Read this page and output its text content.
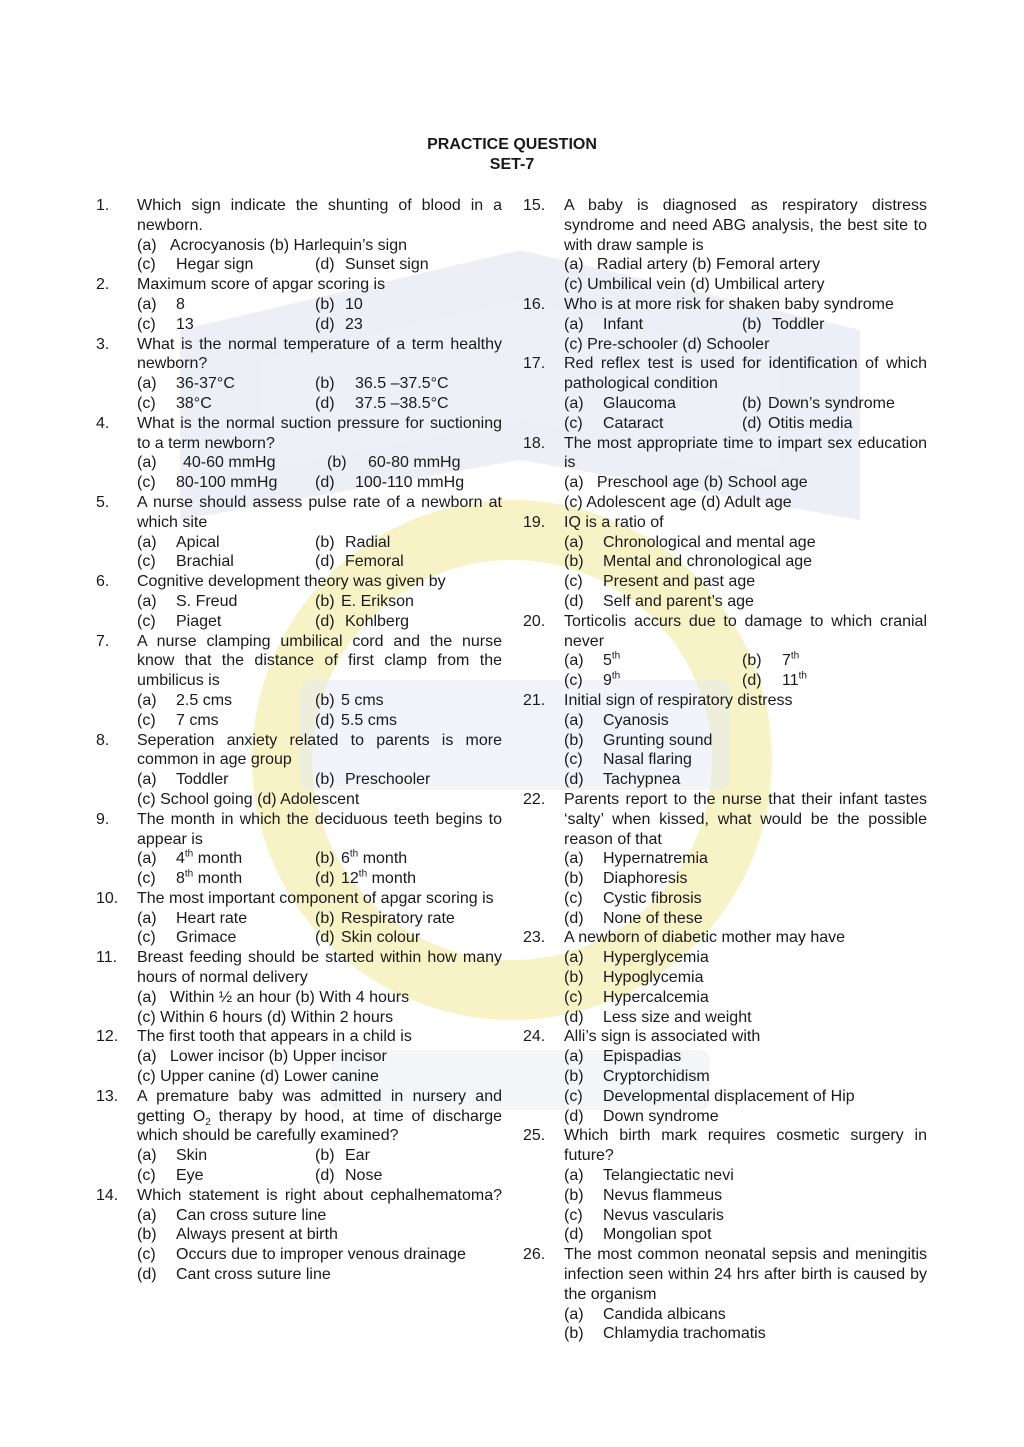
PRACTICE QUESTION
SET-7
1. Which sign indicate the shunting of blood in a newborn.
(a)   Acrocyanosis (b) Harlequin’s sign
(c)	Hegar sign	(d) Sunset sign
2. Maximum score of apgar scoring is
(a)	8	(b) 10
(c)	13	(d) 23
3. What is the normal temperature of a term healthy newborn?
(a)	36-37°C	(b)	36.5 –37.5°C
(c)	38°C	(d)	37.5 –38.5°C
4. What is the normal suction pressure for suctioning to a term newborn?
(a)	40-60 mmHg	(b)	60-80 mmHg
(c)	80-100 mmHg (d)	100-110 mmHg
5. A nurse should assess pulse rate of a newborn at which site
(a)	Apical	(b) Radial
(c)	Brachial	(d) Femoral
6. Cognitive development theory was given by
(a)	S. Freud	(b) E. Erikson
(c)	Piaget	(d) Kohlberg
7. A nurse clamping umbilical cord and the nurse know that the distance of first clamp from the umbilicus is
(a)	2.5 cms	(b) 5 cms
(c)	7 cms	(d) 5.5 cms
8. Seperation anxiety related to parents is more common in age group
(a)	Toddler	(b) Preschooler
(c) School going (d) Adolescent
9. The month in which the deciduous teeth begins to appear is
(a)	4th month	(b) 6th month
(c)	8th month	(d) 12th month
10. The most important component of apgar scoring is
(a)	Heart rate	(b) Respiratory rate
(c)	Grimace	(d) Skin colour
11. Breast feeding should be started within how many hours of normal delivery
(a)   Within ½ an hour (b) With 4 hours
(c) Within 6 hours (d) Within 2 hours
12. The first tooth that appears in a child is
(a)   Lower incisor (b) Upper incisor
(c) Upper canine (d) Lower canine
13. A premature baby was admitted in nursery and getting $O_2$ therapy by hood, at time of discharge which should be carefully examined?
(a)	Skin	(b) Ear
(c)	Eye	(d) Nose
14. Which statement is right about cephalhematoma?
(a)	Can cross suture line
(b)	Always present at birth
(c)	Occurs due to improper venous drainage
(d)	Cant cross suture line
15. A baby is diagnosed as respiratory distress syndrome and need ABG analysis, the best site to with draw sample is
(a)   Radial artery (b) Femoral artery
(c) Umbilical vein (d) Umbilical artery
16. Who is at more risk for shaken baby syndrome
(a)	Infant	(b) Toddler
(c) Pre-schooler (d) Schooler
17. Red reflex test is used for identification of which pathological condition
(a)	Glaucoma	(b) Down’s syndrome
(c)	Cataract	(d) Otitis media
18. The most appropriate time to impart sex education is
(a)   Preschool age (b) School age
(c) Adolescent age (d) Adult age
19. IQ is a ratio of
(a)	Chronological and mental age
(b)	Mental and chronological age
(c)	Present and past age
(d)	Self and parent’s age
20. Torticolis accurs due to damage to which cranial never
(a)	5th	(b)	7th
(c)	9th	(d)	11th
21. Initial sign of respiratory distress
(a)	Cyanosis
(b)	Grunting sound
(c)	Nasal flaring
(d)	Tachypnea
22. Parents report to the nurse that their infant tastes ‘salty’ when kissed, what would be the possible reason of that
(a)	Hypernatremia
(b)	Diaphoresis
(c)	Cystic fibrosis
(d)	None of these
23. A newborn of diabetic mother may have
(a)	Hyperglycemia
(b)	Hypoglycemia
(c)	Hypercalcemia
(d)	Less size and weight
24. Alli’s sign is associated with
(a)	Epispadias
(b)	Cryptorchidism
(c)	Developmental displacement of Hip
(d)	Down syndrome
25. Which birth mark requires cosmetic surgery in future?
(a)	Telangiectatic nevi
(b)	Nevus flammeus
(c)	Nevus vascularis
(d)	Mongolian spot
26. The most common neonatal sepsis and meningitis infection seen within 24 hrs after birth is caused by the organism
(a)	Candida albicans
(b)	Chlamydia trachomatis
